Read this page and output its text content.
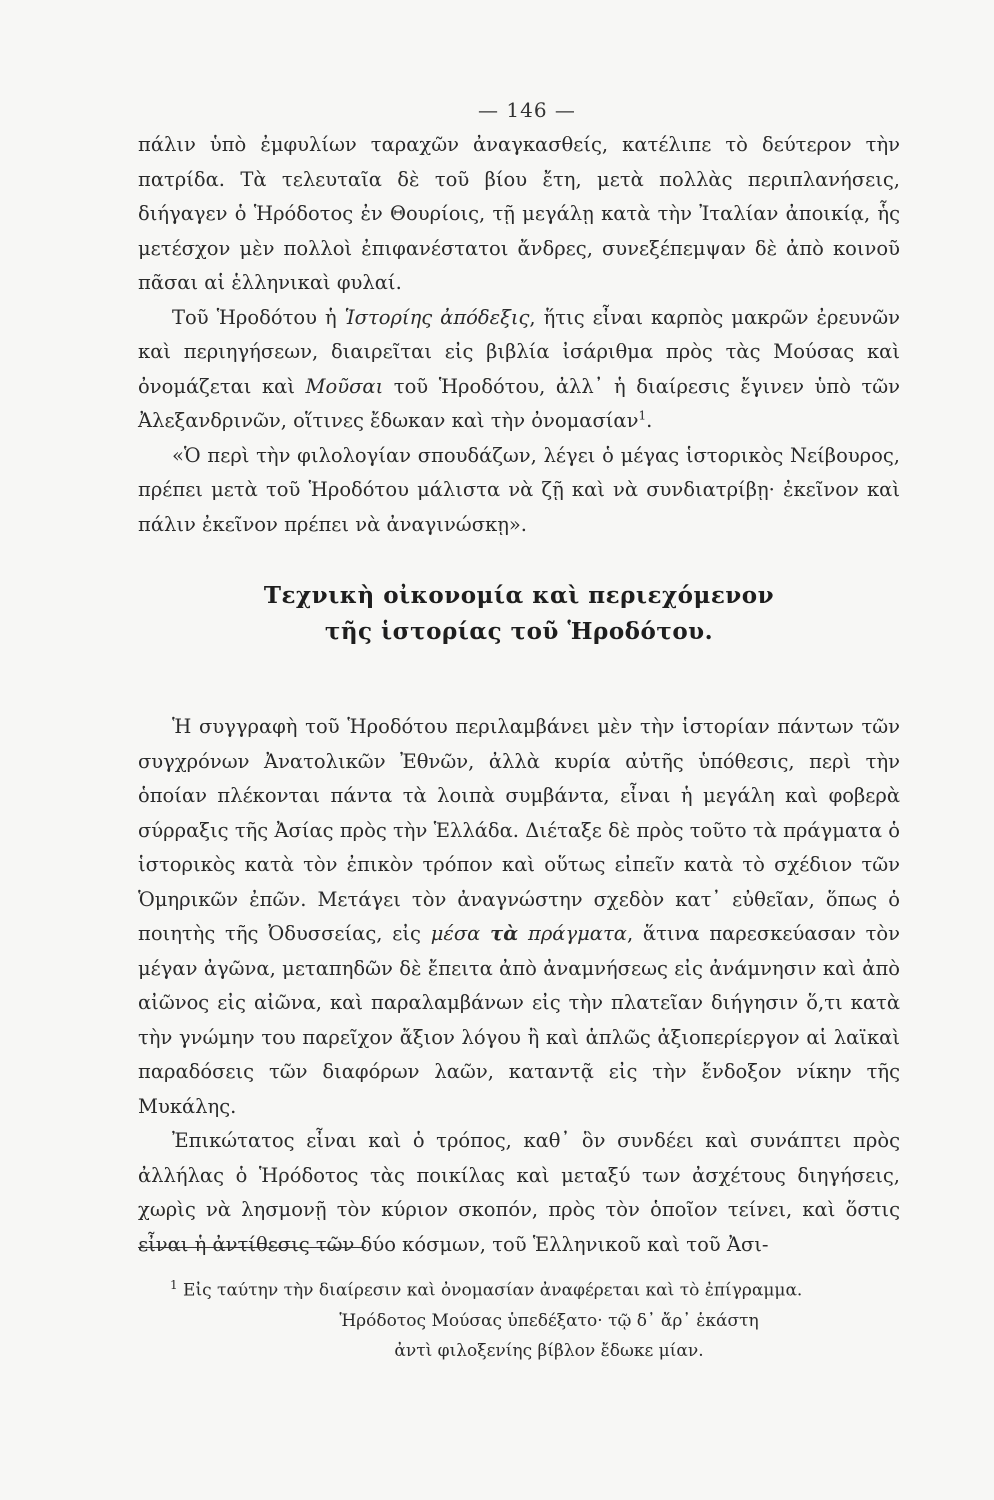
— 146 —

πάλιν ὑπὸ ἐμφυλίων ταραχῶν ἀναγκασθείς, κατέλιπε τὸ δεύτερον τὴν πατρίδα. Τὰ τελευταῖα δὲ τοῦ βίου ἔτη, μετὰ πολλὰς περιπλανήσεις, διήγαγεν ὁ Ἡρόδοτος ἐν Θουρίοις, τῇ μεγάλῃ κατὰ τὴν Ἰταλίαν ἀποικίᾳ, ἧς μετέσχον μὲν πολλοὶ ἐπιφανέστατοι ἄνδρες, συνεξέπεμψαν δὲ ἀπὸ κοινοῦ πᾶσαι αἱ ἑλληνικαὶ φυλαί.

Τοῦ Ἡροδότου ἡ Ἱστορίης ἀπόδεξις, ἥτις εἶναι καρπὸς μακρῶν ἐρευνῶν καὶ περιηγήσεων, διαιρεῖται εἰς βιβλία ἰσάριθμα πρὸς τὰς Μούσας καὶ ὀνομάζεται καὶ Μοῦσαι τοῦ Ἡροδότου, ἀλλ᾽ ἡ διαίρεσις ἔγινεν ὑπὸ τῶν Ἀλεξανδρινῶν, οἵτινες ἔδωκαν καὶ τὴν ὀνομασίαν$^1$.

«Ὁ περὶ τὴν φιλολογίαν σπουδάζων, λέγει ὁ μέγας ἱστορικὸς Νείβουρος, πρέπει μετὰ τοῦ Ἡροδότου μάλιστα νὰ ζῇ καὶ νὰ συνδιατρίβῃ· ἐκεῖνον καὶ πάλιν ἐκεῖνον πρέπει νὰ ἀναγινώσκῃ».

Τεχνικὴ οἰκονομία καὶ περιεχόμενον
τῆς ἱστορίας τοῦ Ἡροδότου.

Ἡ συγγραφὴ τοῦ Ἡροδότου περιλαμβάνει μὲν τὴν ἱστορίαν πάντων τῶν συγχρόνων Ἀνατολικῶν Ἐθνῶν, ἀλλὰ κυρία αὐτῆς ὑπόθεσις, περὶ τὴν ὁποίαν πλέκονται πάντα τὰ λοιπὰ συμβάντα, εἶναι ἡ μεγάλη καὶ φοβερὰ σύρραξις τῆς Ἀσίας πρὸς τὴν Ἑλλάδα. Διέταξε δὲ πρὸς τοῦτο τὰ πράγματα ὁ ἱστορικὸς κατὰ τὸν ἐπικὸν τρόπον καὶ οὕτως εἰπεῖν κατὰ τὸ σχέδιον τῶν Ὁμηρικῶν ἐπῶν. Μετάγει τὸν ἀναγνώστην σχεδὸν κατ᾽ εὐθεῖαν, ὅπως ὁ ποιητὴς τῆς Ὀδυσσείας, εἰς μέσα τὰ πράγματα, ἅτινα παρεσκεύασαν τὸν μέγαν ἀγῶνα, μεταπηδῶν δὲ ἔπειτα ἀπὸ ἀναμνήσεως εἰς ἀνάμνησιν καὶ ἀπὸ αἰῶνος εἰς αἰῶνα, καὶ παραλαμβάνων εἰς τὴν πλατεῖαν διήγησιν ὅ,τι κατὰ τὴν γνώμην του παρεῖχον ἄξιον λόγου ἢ καὶ ἁπλῶς ἀξιοπερίεργον αἱ λαϊκαὶ παραδόσεις τῶν διαφόρων λαῶν, καταντᾷ εἰς τὴν ἔνδοξον νίκην τῆς Μυκάλης.

Ἐπικώτατος εἶναι καὶ ὁ τρόπος, καθ᾽ ὃν συνδέει καὶ συνάπτει πρὸς ἀλλήλας ὁ Ἡρόδοτος τὰς ποικίλας καὶ μεταξύ των ἀσχέτους διηγήσεις, χωρὶς νὰ λησμονῇ τὸν κύριον σκοπόν, πρὸς τὸν ὁποῖον τείνει, καὶ ὅστις εἶναι ἡ ἀντίθεσις τῶν δύο κόσμων, τοῦ Ἑλληνικοῦ καὶ τοῦ Ἀσι-

$^1$ Εἰς ταύτην τὴν διαίρεσιν καὶ ὀνομασίαν ἀναφέρεται καὶ τὸ ἐπίγραμμα.

Ἡρόδοτος Μούσας ὑπεδέξατο· τῷ δ᾽ ἄρ᾽ ἑκάστη

ἀντὶ φιλοξενίης βίβλον ἔδωκε μίαν.
